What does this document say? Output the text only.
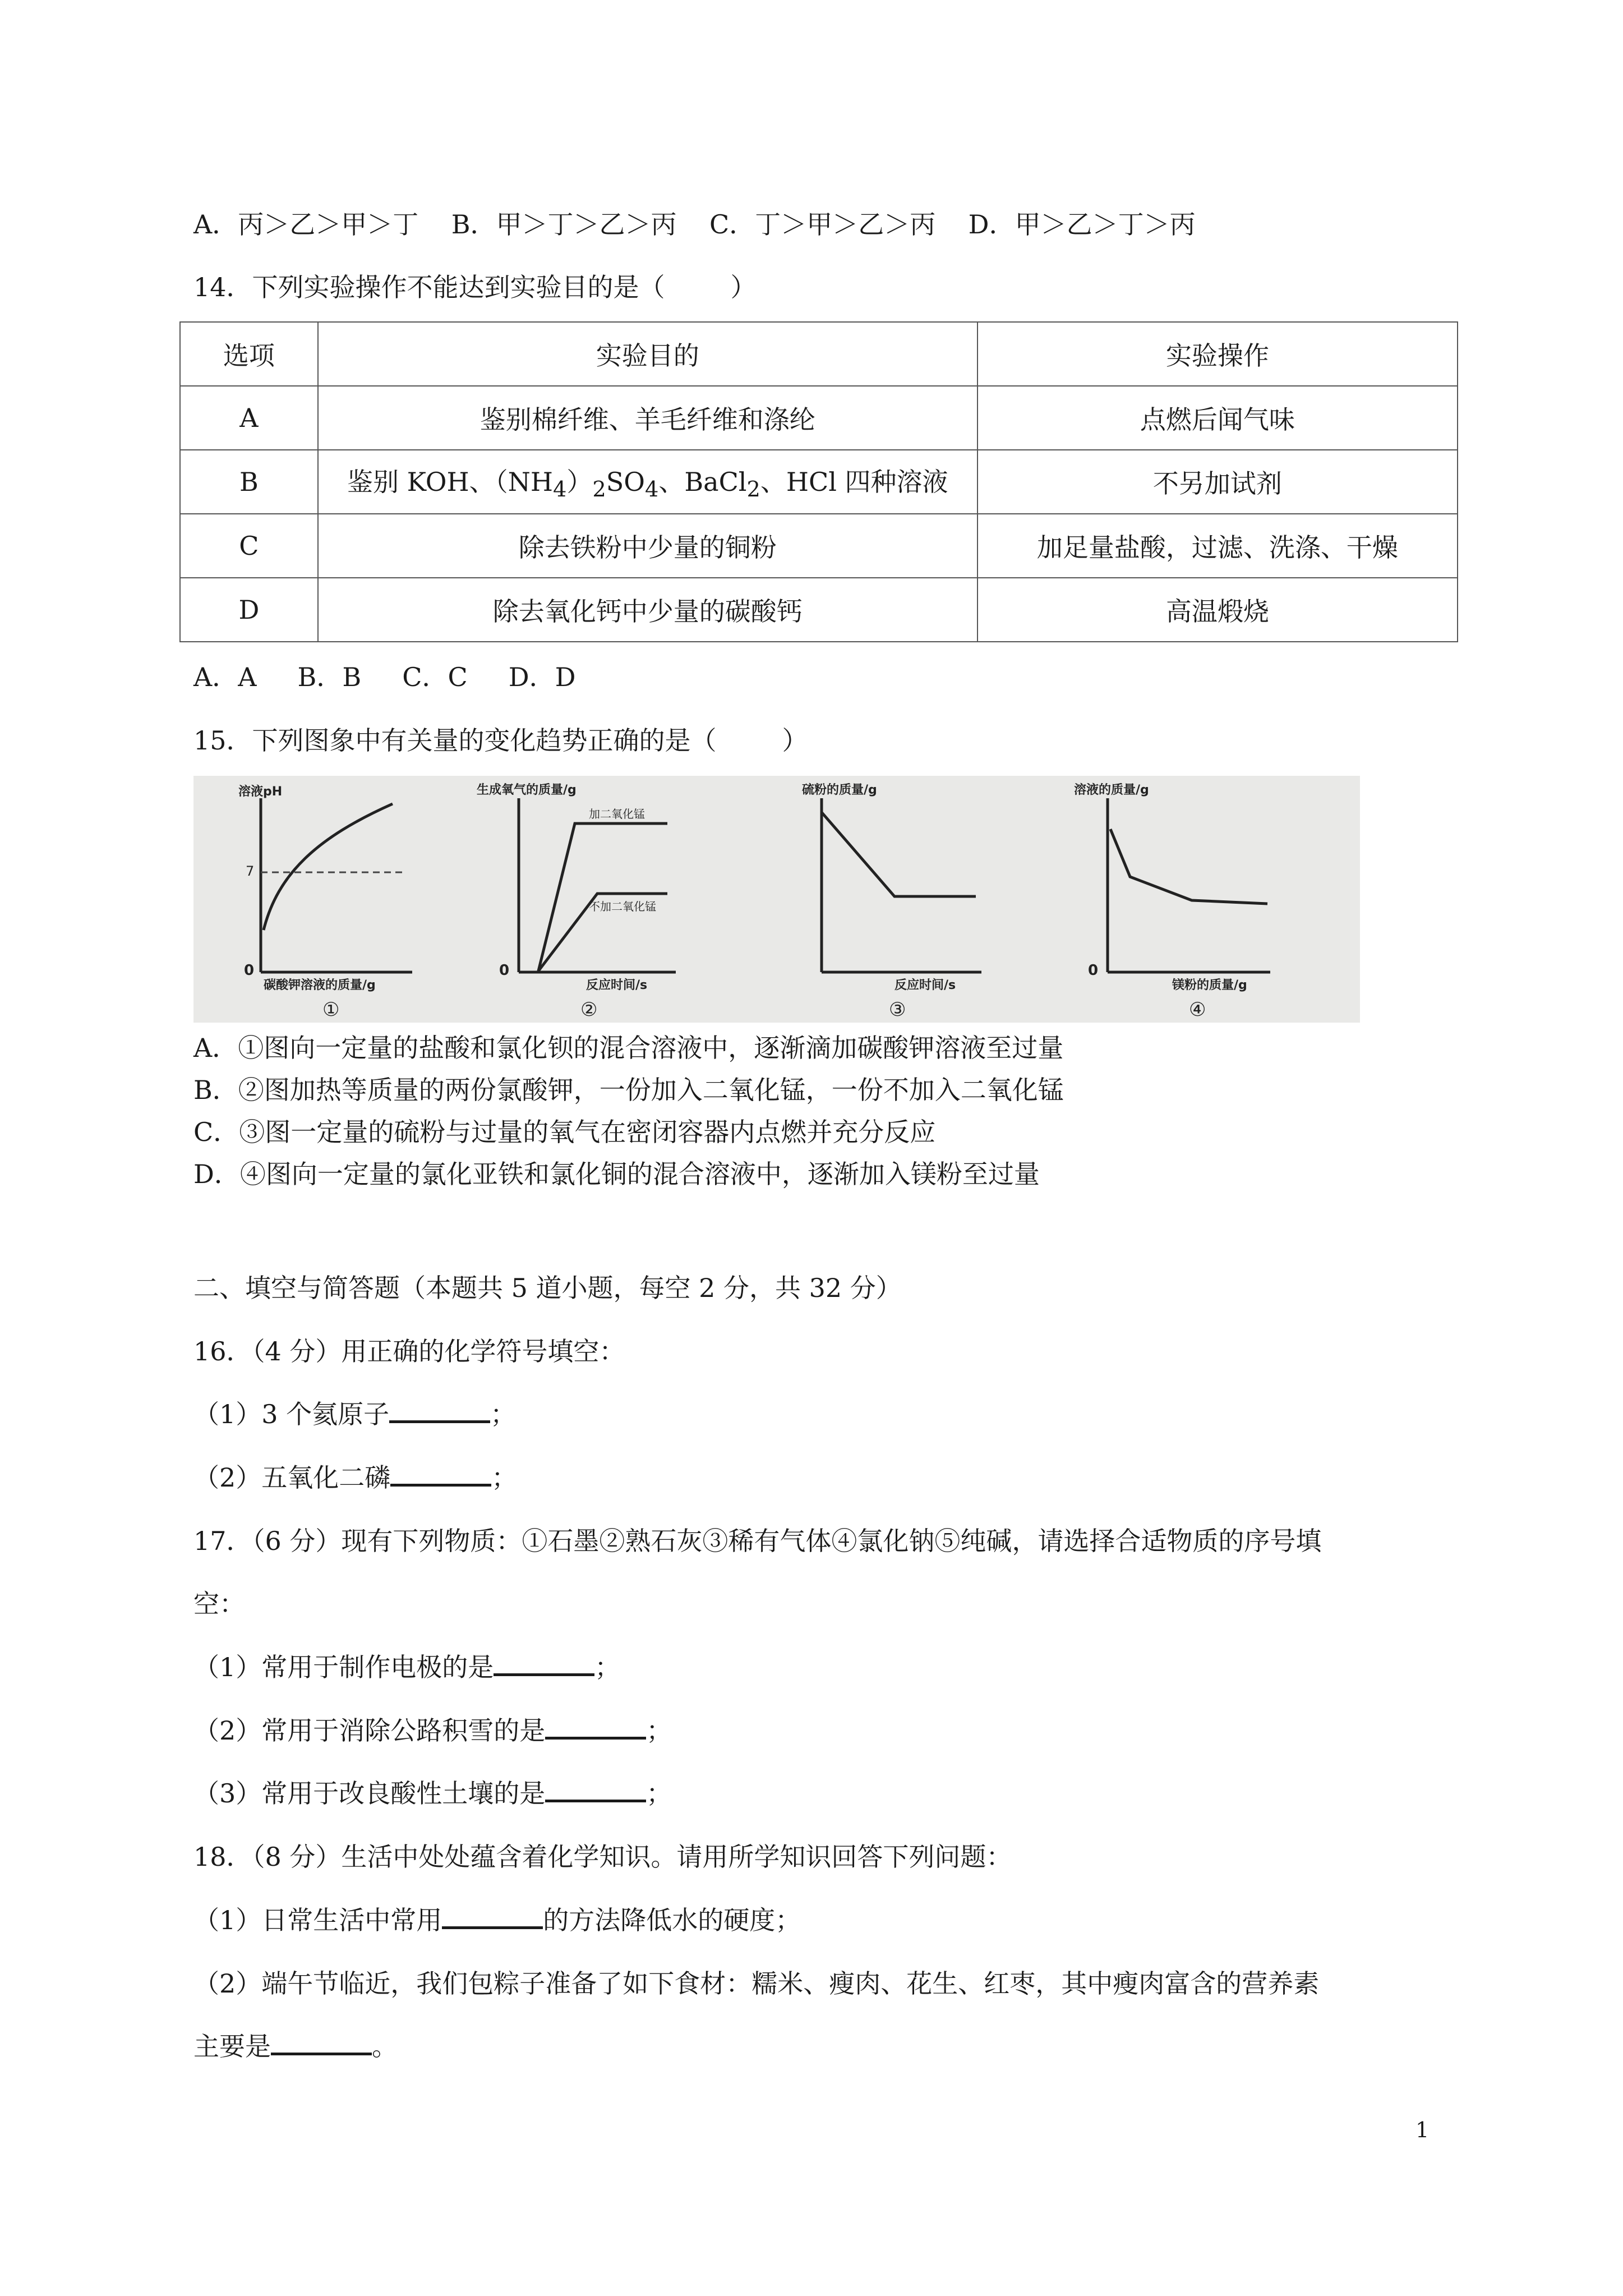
A．丙＞乙＞甲＞丁    B．甲＞丁＞乙＞丙    C．丁＞甲＞乙＞丙    D．甲＞乙＞丁＞丙
14．下列实验操作不能达到实验目的是（        ）
选项	实验目的	实验操作
A	鉴别棉纤维、羊毛纤维和涤纶	点燃后闻气味
B	鉴别 KOH、$(NH_4)_2SO_4$、BaCl$_2$、HCl 四种溶液	不另加试剂
C	除去铁粉中少量的铜粉	加足量盐酸，过滤、洗涤、干燥
D	除去氧化钙中少量的碳酸钙	高温煅烧
A．A     B．B     C．C     D．D
15．下列图象中有关量的变化趋势正确的是（        ）
溶液pH
0
7
碳酸钾溶液的质量/g
①
生成氧气的质量/g
0
加二氧化锰
不加二氧化锰
反应时间/s
②
硫粉的质量/g
反应时间/s
③
溶液的质量/g
0
镁粉的质量/g
④
A．①图向一定量的盐酸和氯化钡的混合溶液中，逐渐滴加碳酸钾溶液至过量
B．②图加热等质量的两份氯酸钾，一份加入二氧化锰，一份不加入二氧化锰
C．③图一定量的硫粉与过量的氧气在密闭容器内点燃并充分反应
D．④图向一定量的氯化亚铁和氯化铜的混合溶液中，逐渐加入镁粉至过量
二、填空与简答题（本题共 5 道小题，每空 2 分，共 32 分）
16．（4 分）用正确的化学符号填空：
（1）3 个氦原子	；
（2）五氧化二磷	；
17．（6 分）现有下列物质：①石墨②熟石灰③稀有气体④氯化钠⑤纯碱，请选择合适物质的序号填
空：
（1）常用于制作电极的是	；
（2）常用于消除公路积雪的是	；
（3）常用于改良酸性土壤的是	；
18．（8 分）生活中处处蕴含着化学知识。请用所学知识回答下列问题：
（1）日常生活中常用	的方法降低水的硬度；
（2）端午节临近，我们包粽子准备了如下食材：糯米、瘦肉、花生、红枣，其中瘦肉富含的营养素
主要是	。
1
